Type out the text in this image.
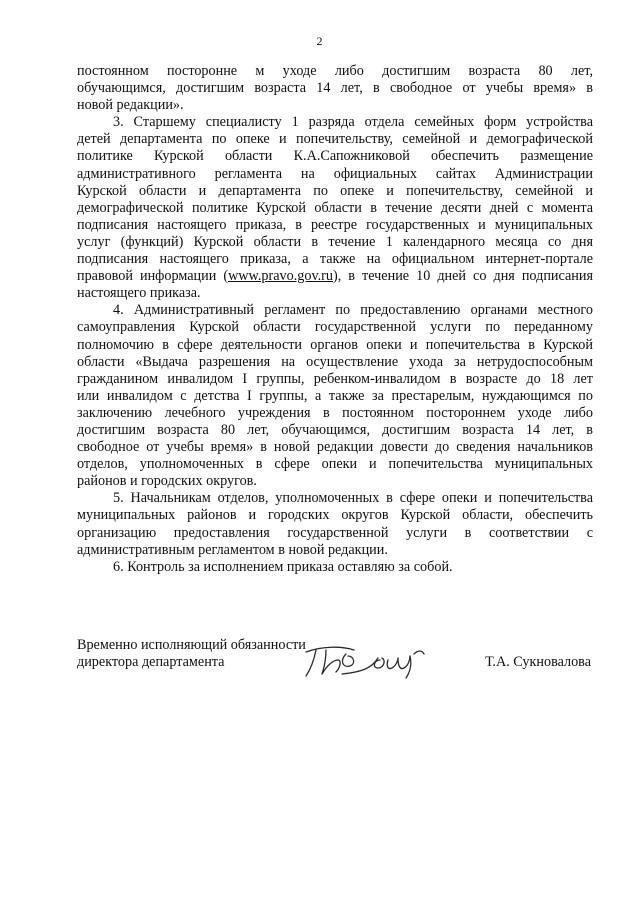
2
постоянном посторонне м уходе либо достигшим возраста 80 лет,
обучающимся, достигшим возраста 14 лет, в свободное от учебы время» в
новой редакции».
3. Старшему специалисту 1 разряда отдела семейных форм устройства
детей департамента по опеке и попечительству, семейной и демографической
политике Курской области К.А.Сапожниковой обеспечить размещение
административного регламента на официальных сайтах Администрации
Курской области и департамента по опеке и попечительству, семейной и
демографической политике Курской области в течение десяти дней с момента
подписания настоящего приказа, в реестре государственных и муниципальных
услуг (функций) Курской области в течение 1 календарного месяца со дня
подписания настоящего приказа, а также на официальном интернет-портале
правовой информации (www.pravo.gov.ru), в течение 10 дней со дня подписания
настоящего приказа.
4. Административный регламент по предоставлению органами местного
самоуправления Курской области государственной услуги по переданному
полномочию в сфере деятельности органов опеки и попечительства в Курской
области «Выдача разрешения на осуществление ухода за нетрудоспособным
гражданином инвалидом I группы, ребенком-инвалидом в возрасте до 18 лет
или инвалидом с детства I группы, а также за престарелым, нуждающимся по
заключению лечебного учреждения в постоянном постороннем уходе либо
достигшим возраста 80 лет, обучающимся, достигшим возраста 14 лет, в
свободное от учебы время» в новой редакции довести до сведения начальников
отделов, уполномоченных в сфере опеки и попечительства муниципальных
районов и городских округов.
5. Начальникам отделов, уполномоченных в сфере опеки и попечительства
муниципальных районов и городских округов Курской области, обеспечить
организацию предоставления государственной услуги в соответствии с
административным регламентом в новой редакции.
6. Контроль за исполнением приказа оставляю за собой.
Временно исполняющий обязанности
директора департамента	Т.А. Сукновалова
